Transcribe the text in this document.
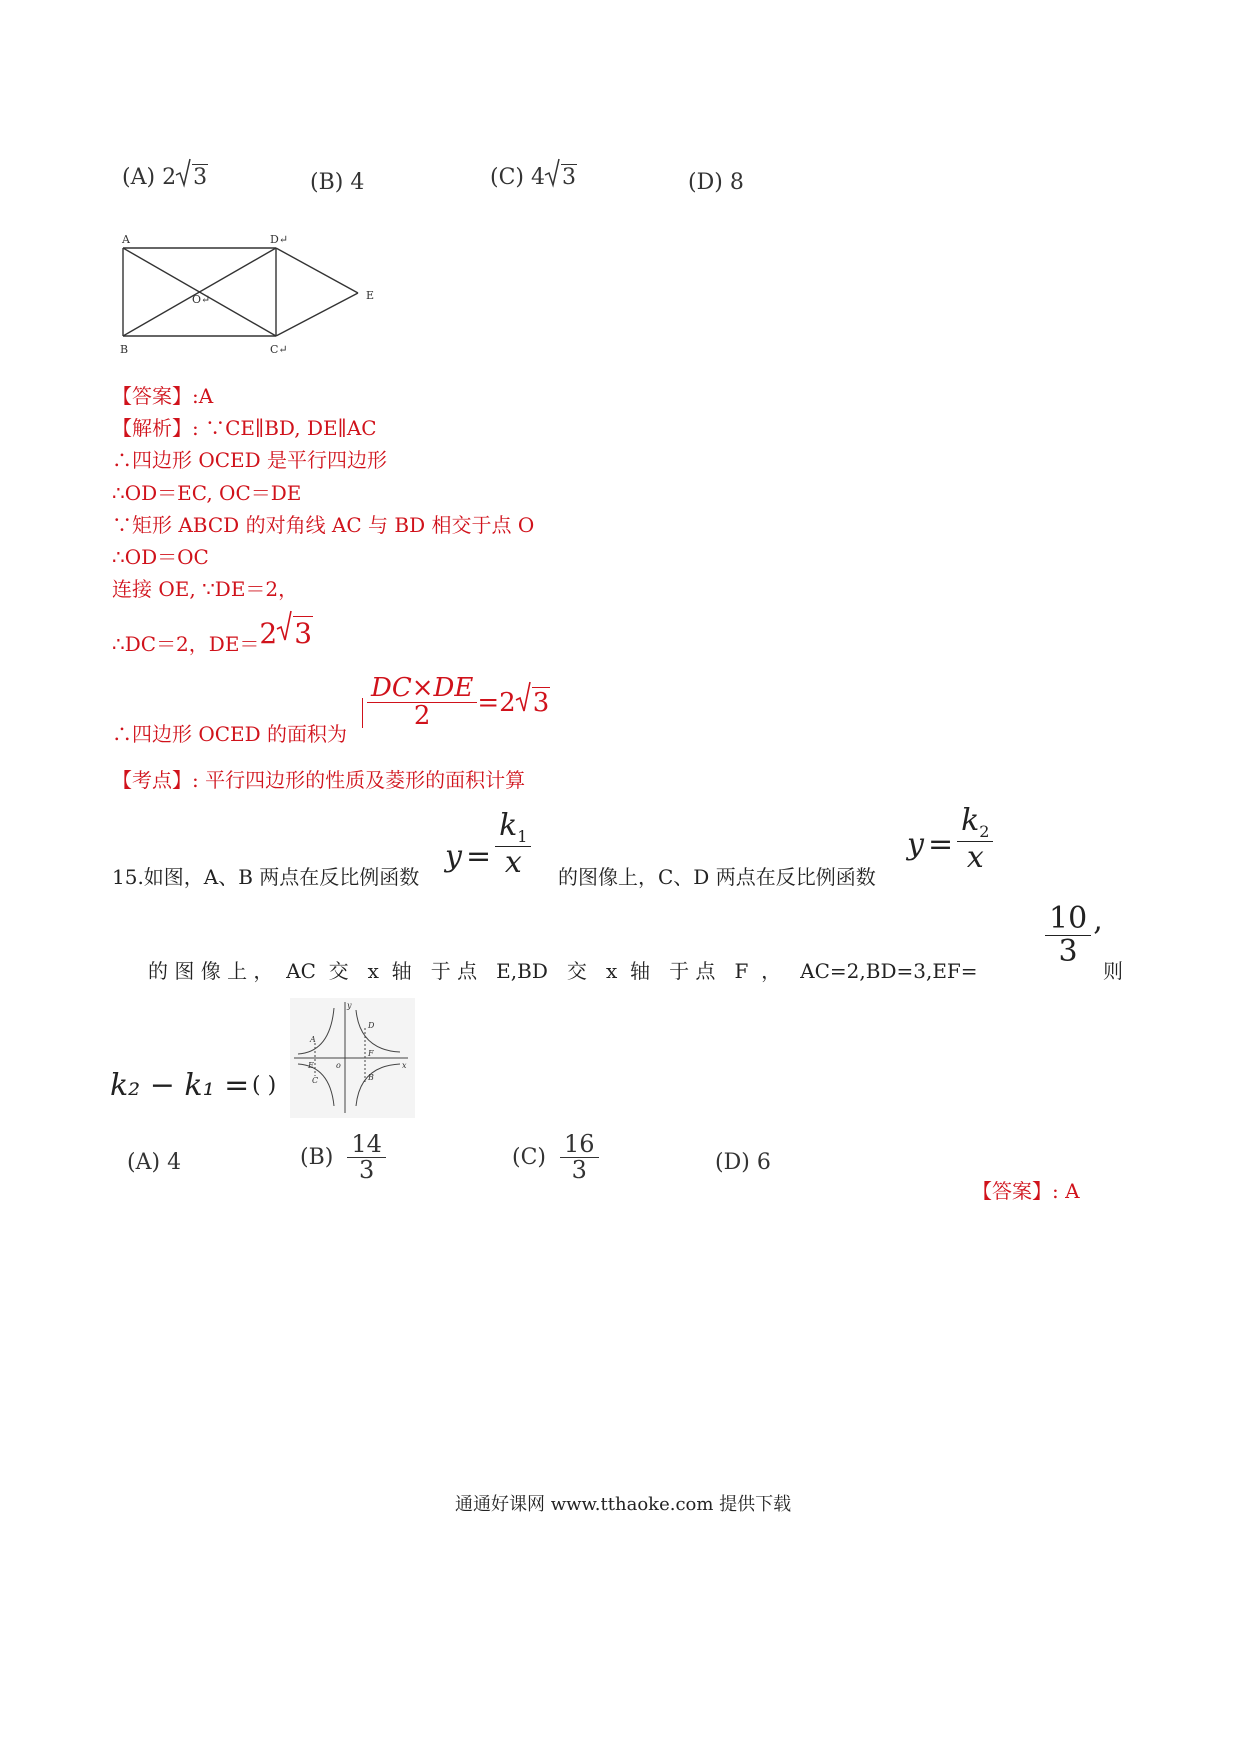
(A) 2 3	(B) 4	(C) 4 3	(D) 8
A	D↵
O↵	E
B	C↵
【答案】:A
【解析】: ∵CE∥BD, DE∥AC
∴四边形 OCED 是平行四边形
∴OD＝EC, OC＝DE
∵矩形 ABCD 的对角线 AC 与 BD 相交于点 O
∴OD＝OC
连接 OE, ∵DE＝2，
∴DC＝2，DE＝2 3
∴四边形 OCED 的面积为
$\frac{DC\times DE}{2} =2$ 3
【考点】: 平行四边形的性质及菱形的面积计算
15.如图，A、B 两点在反比例函数
$y = \frac{k_1}{x}$ 的图像上，C、D 两点在反比例函数
$y = \frac{k_2}{x}$
的 图 像 上 ，  AC  交   x  轴   于 点   E,BD   交   x  轴   于 点   F  ，   AC=2,BD=3,EF=
$\frac{10}{3}$ ,
则
k₂ − k₁ = ( )
y
x
o
A
E
C
D
F
B
(A) 4	$(B) \frac{14}{3}$	$(C) \frac{16}{3}$	(D) 6
【答案】: A
通通好课网 www.tthaoke.com 提供下载
